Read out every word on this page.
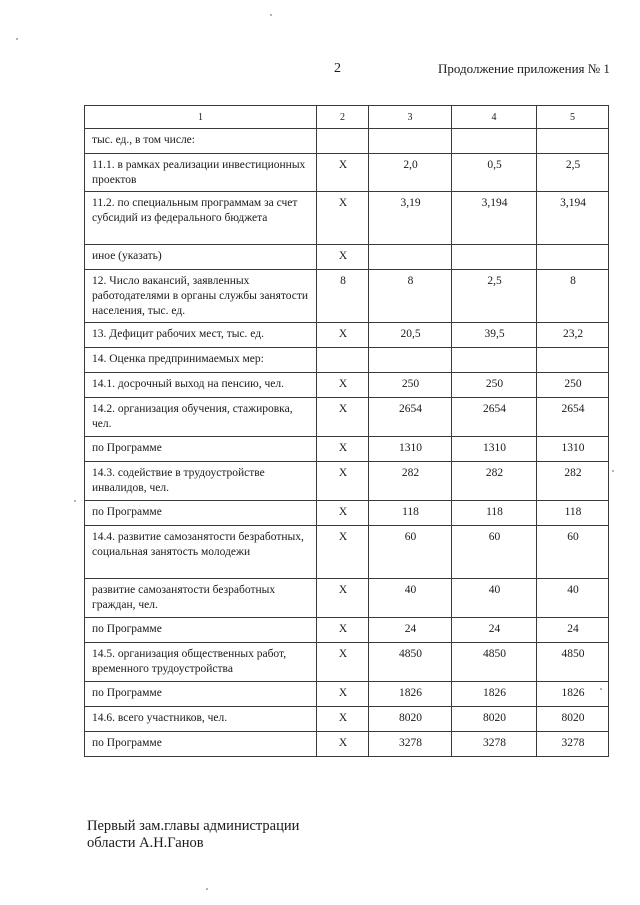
2	Продолжение приложения № 1
1	2	3	4	5
тыс. ед., в том числе:				
11.1. в рамках реализации инвестиционных проектов	Х	2,0	0,5	2,5
11.2. по специальным программам за счет субсидий из федерального бюджета	Х	3,19	3,194	3,194
иное (указать)	Х			
12. Число вакансий, заявленных работодателями в органы службы занятости населения, тыс. ед.	8	8	2,5	8
13. Дефицит рабочих мест, тыс. ед.	Х	20,5	39,5	23,2
14. Оценка предпринимаемых мер:				
14.1. досрочный выход на пенсию, чел.	Х	250	250	250
14.2. организация обучения, стажировка, чел.	Х	2654	2654	2654
по Программе	Х	1310	1310	1310
14.3. содействие в трудоустройстве инвалидов, чел.	Х	282	282	282
по Программе	Х	118	118	118
14.4. развитие самозанятости безработных, социальная занятость молодежи	Х	60	60	60
развитие самозанятости безработных граждан, чел.	Х	40	40	40
по Программе	Х	24	24	24
14.5. организация общественных работ, временного трудоустройства	Х	4850	4850	4850
по Программе	Х	1826	1826	1826
14.6. всего участников, чел.	Х	8020	8020	8020
по Программе	Х	3278	3278	3278
Первый зам.главы администрации
области А.Н.Ганов
